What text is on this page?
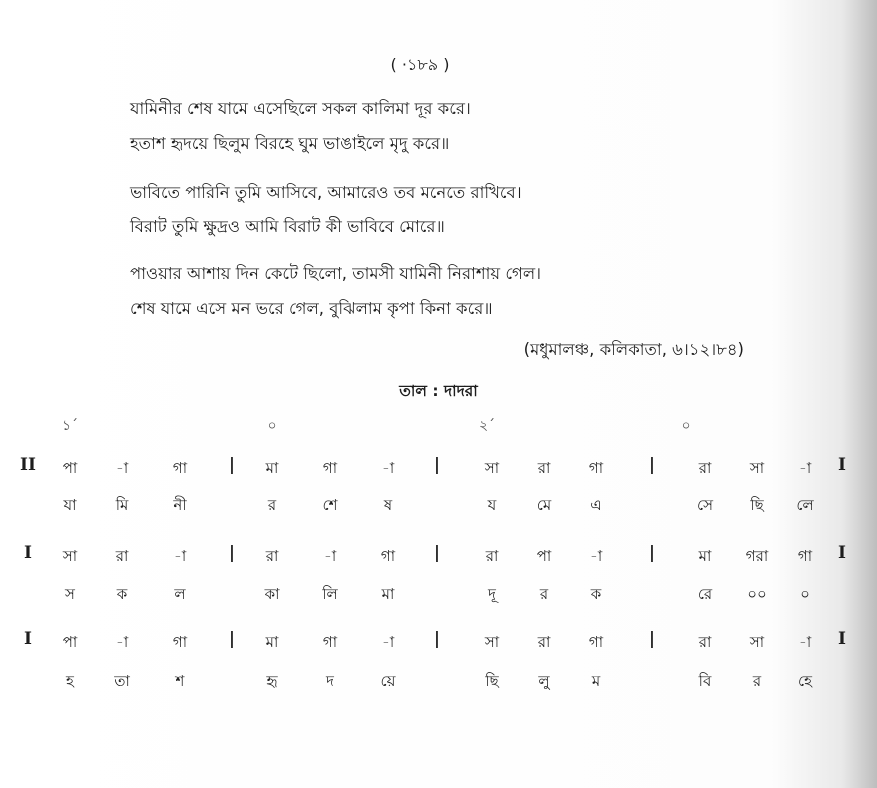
( ·১৮৯ )
যামিনীর শেষ যামে এসেছিলে সকল কালিমা দূর করে।
হতাশ হৃদয়ে ছিলুম বিরহে ঘুম ভাঙাইলে মৃদু করে॥
ভাবিতে পারিনি তুমি আসিবে, আমারেও তব মনেতে রাখিবে।
বিরাট তুমি ক্ষুদ্রও আমি বিরাট কী ভাবিবে মোরে॥
পাওয়ার আশায় দিন কেটে ছিলো, তামসী যামিনী নিরাশায় গেল।
শেষ যামে এসে মন ভরে গেল, বুঝিলাম কৃপা কিনা করে॥
(মধুমালঞ্চ, কলিকাতা, ৬।১২।৮৪)
তাল : দাদরা
১´	০	২´	০
II পা	-া	গা	মা	গা	-া	সা	রা	গা	রা	সা -া
|	|	|	I
যা	মি	নী	র	শে	ষ	য	মে	এ	সে ছি লে
I সা	রা	-া	রা	-া	গা	রা	পা	-া	মা গরা গা
|	|	|	I
স	ক	ল	কা	লি	মা	দূ	র	ক	রে ০০ ০
I পা	-া	গা	মা	গা	-া	সা	রা	গা	রা	সা -া
|	|	|	I
হ	তা	শ	হৃ	দ	য়ে	ছি	লু	ম	বি	র হে
